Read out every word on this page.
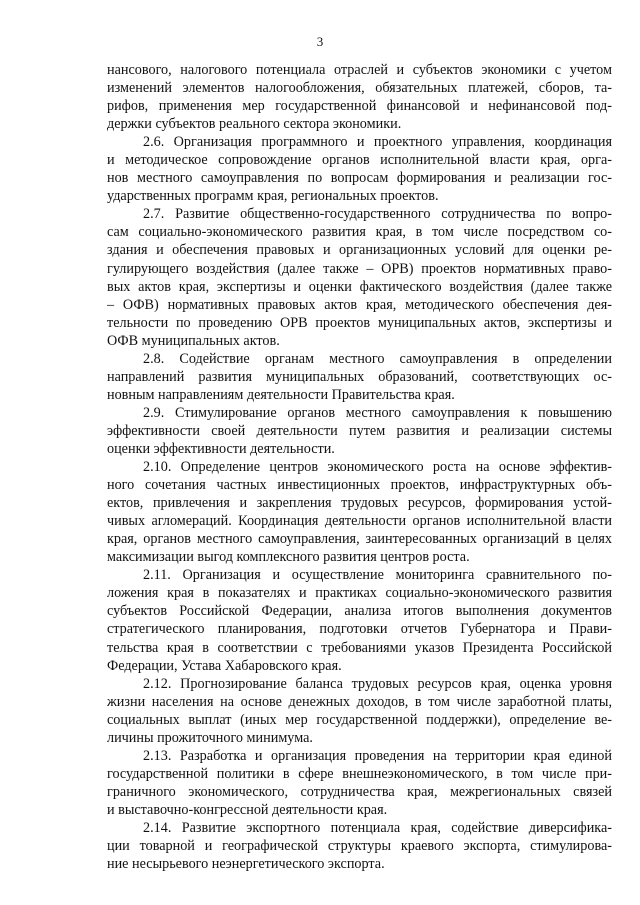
3
нансового, налогового потенциала отраслей и субъектов экономики с учетом
изменений элементов налогообложения, обязательных платежей, сборов, та-
рифов, применения мер государственной финансовой и нефинансовой под-
держки субъектов реального сектора экономики.
2.6. Организация программного и проектного управления, координация
и методическое сопровождение органов исполнительной власти края, орга-
нов местного самоуправления по вопросам формирования и реализации гос-
ударственных программ края, региональных проектов.
2.7. Развитие общественно-государственного сотрудничества по вопро-
сам социально-экономического развития края, в том числе посредством со-
здания и обеспечения правовых и организационных условий для оценки ре-
гулирующего воздействия (далее также – ОРВ) проектов нормативных право-
вых актов края, экспертизы и оценки фактического воздействия (далее также
– ОФВ) нормативных правовых актов края, методического обеспечения дея-
тельности по проведению ОРВ проектов муниципальных актов, экспертизы и
ОФВ муниципальных актов.
2.8. Содействие органам местного самоуправления в определении
направлений развития муниципальных образований, соответствующих ос-
новным направлениям деятельности Правительства края.
2.9. Стимулирование органов местного самоуправления к повышению
эффективности своей деятельности путем развития и реализации системы
оценки эффективности деятельности.
2.10. Определение центров экономического роста на основе эффектив-
ного сочетания частных инвестиционных проектов, инфраструктурных объ-
ектов, привлечения и закрепления трудовых ресурсов, формирования устой-
чивых агломераций. Координация деятельности органов исполнительной власти
края, органов местного самоуправления, заинтересованных организаций в целях
максимизации выгод комплексного развития центров роста.
2.11. Организация и осуществление мониторинга сравнительного по-
ложения края в показателях и практиках социально-экономического развития
субъектов Российской Федерации, анализа итогов выполнения документов
стратегического планирования, подготовки отчетов Губернатора и Прави-
тельства края в соответствии с требованиями указов Президента Российской
Федерации, Устава Хабаровского края.
2.12. Прогнозирование баланса трудовых ресурсов края, оценка уровня
жизни населения на основе денежных доходов, в том числе заработной платы,
социальных выплат (иных мер государственной поддержки), определение ве-
личины прожиточного минимума.
2.13. Разработка и организация проведения на территории края единой
государственной политики в сфере внешнеэкономического, в том числе при-
граничного экономического, сотрудничества края, межрегиональных связей
и выставочно-конгрессной деятельности края.
2.14. Развитие экспортного потенциала края, содействие диверсифика-
ции товарной и географической структуры краевого экспорта, стимулирова-
ние несырьевого неэнергетического экспорта.
